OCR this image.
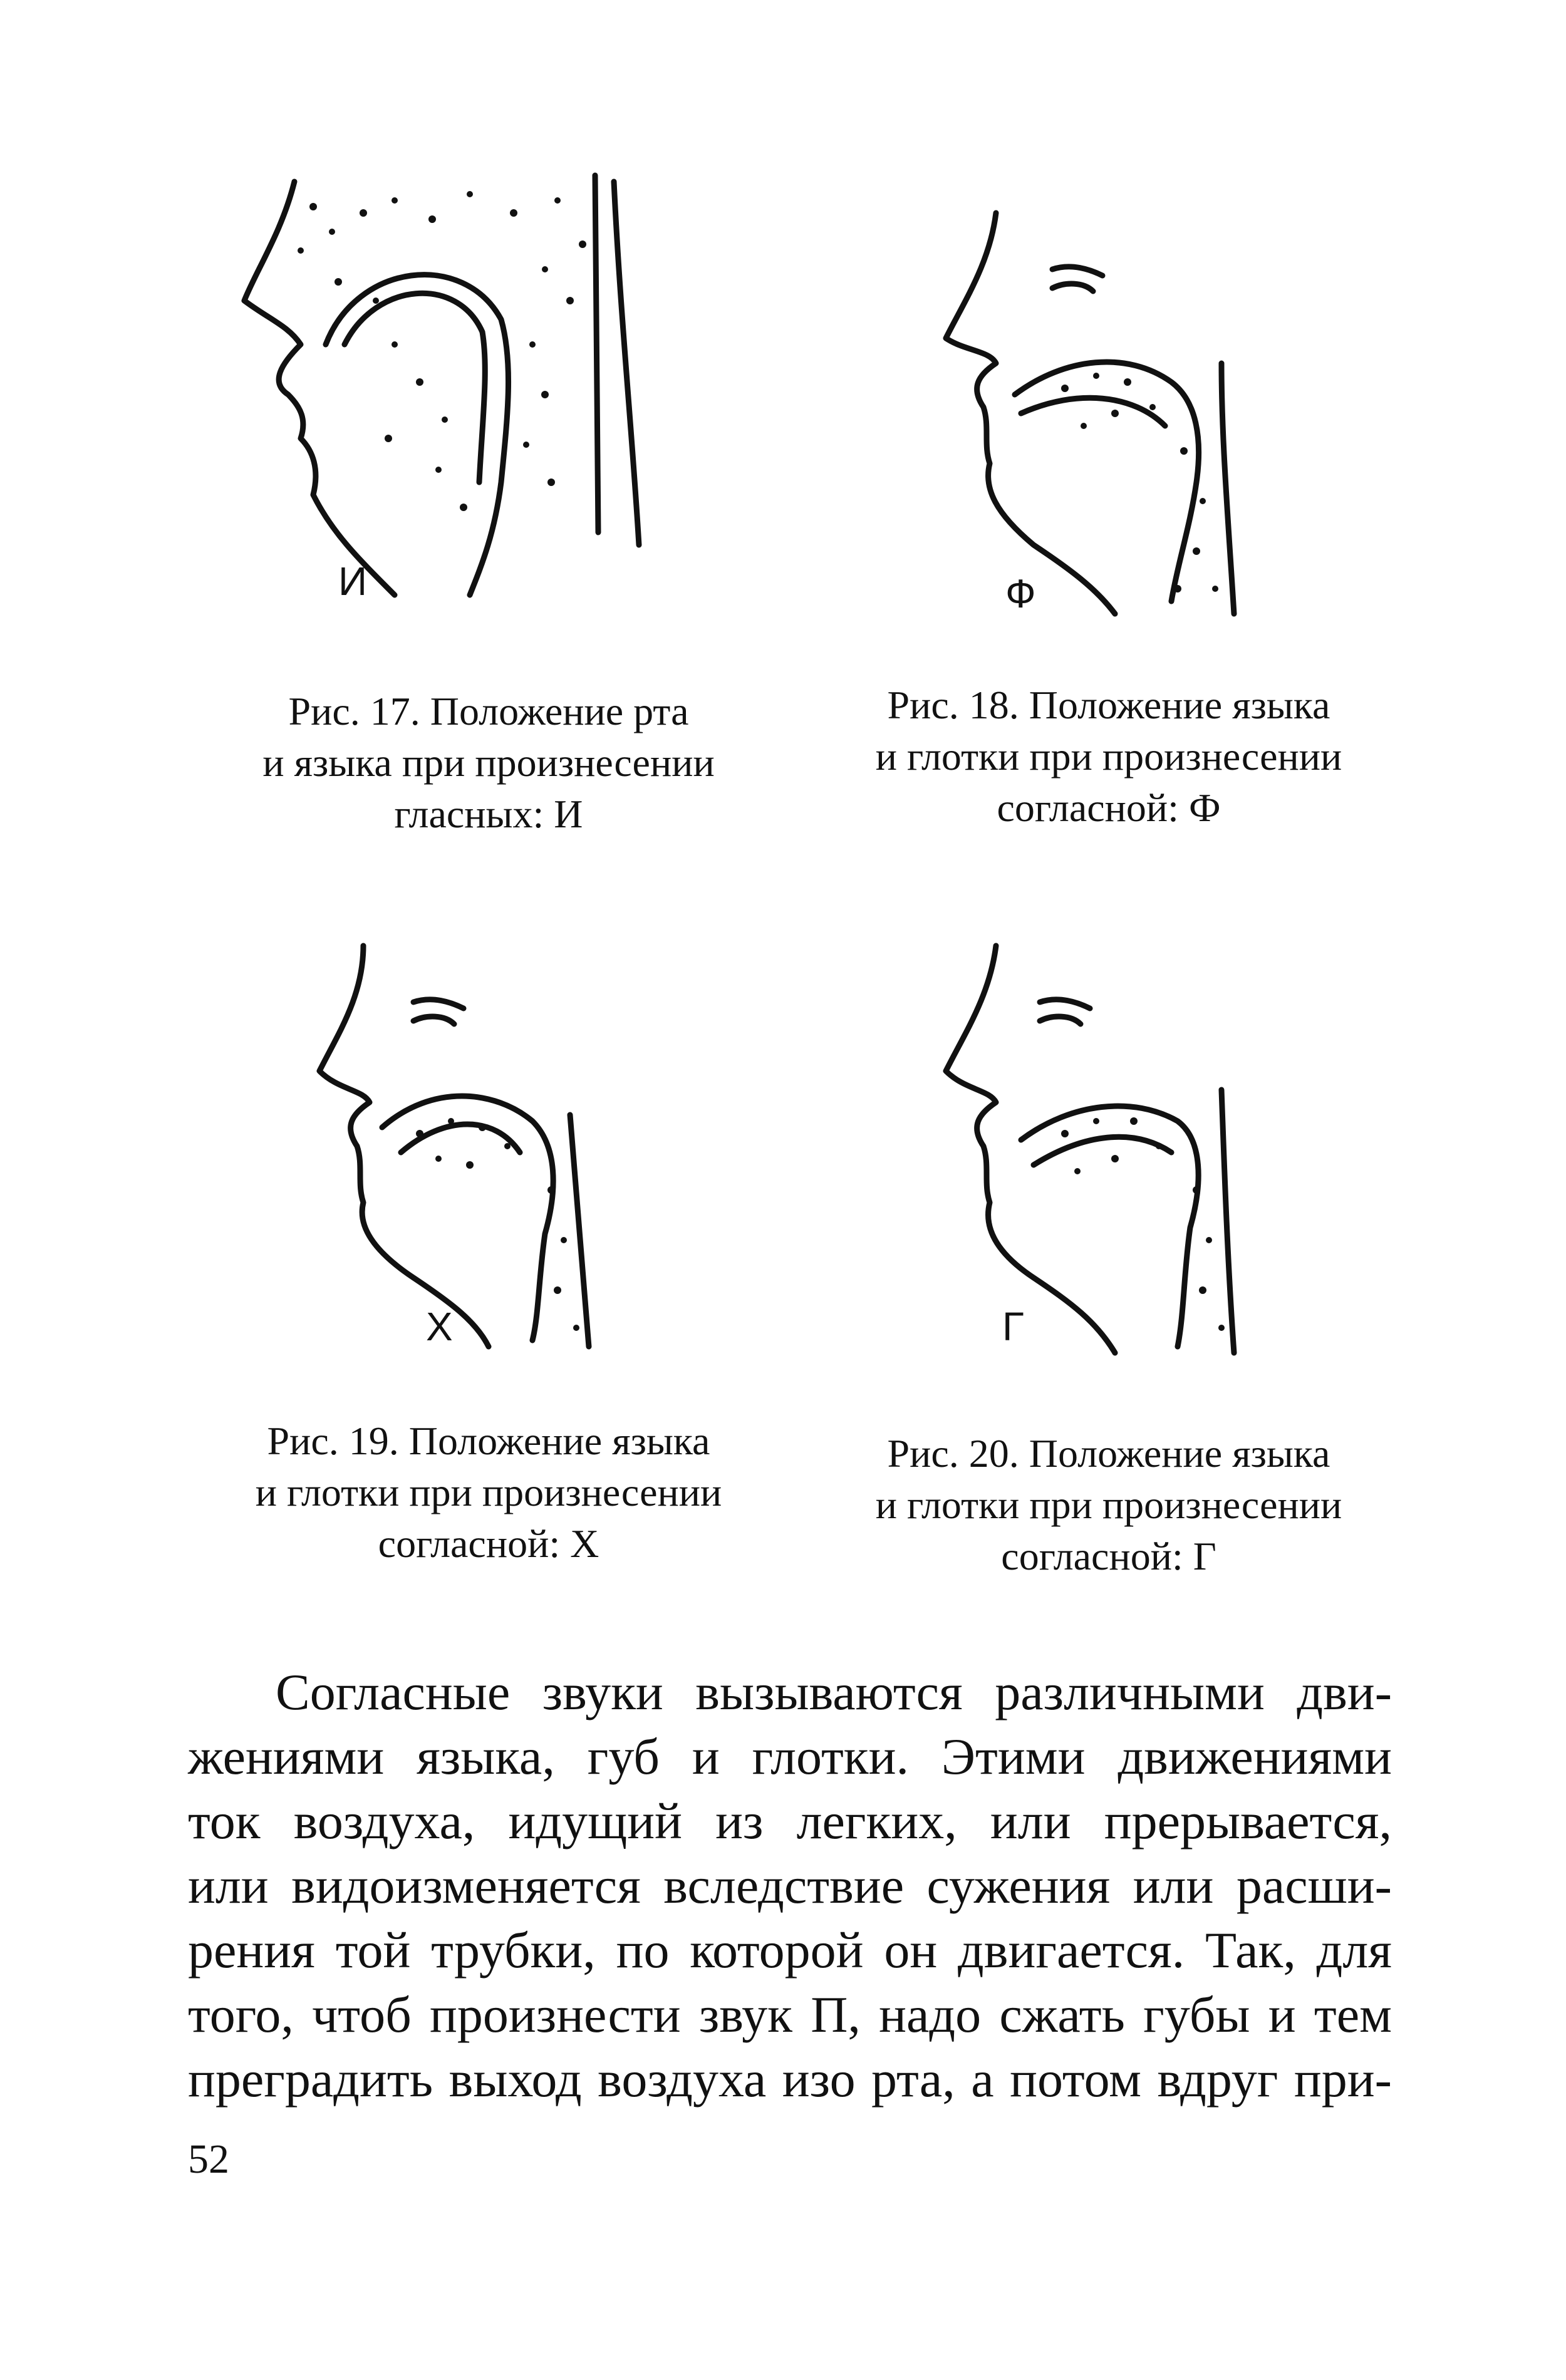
И	Ф
Рис. 17. Положение рта
и языка при произнесении
гласных: И
Рис. 18. Положение языка
и глотки при произнесении
согласной: Ф
Х	Г
Рис. 19. Положение языка
и глотки при произнесении
согласной: Х
Рис. 20. Положение языка
и глотки при произнесении
согласной: Г
Согласные звуки вызываются различными дви-
жениями языка, губ и глотки. Этими движениями
ток воздуха, идущий из легких, или прерывается,
или видоизменяется вследствие сужения или расши-
рения той трубки, по которой он двигается. Так, для
того, чтоб произнести звук П, надо сжать губы и тем
преградить выход воздуха изо рта, а потом вдруг при-
52
